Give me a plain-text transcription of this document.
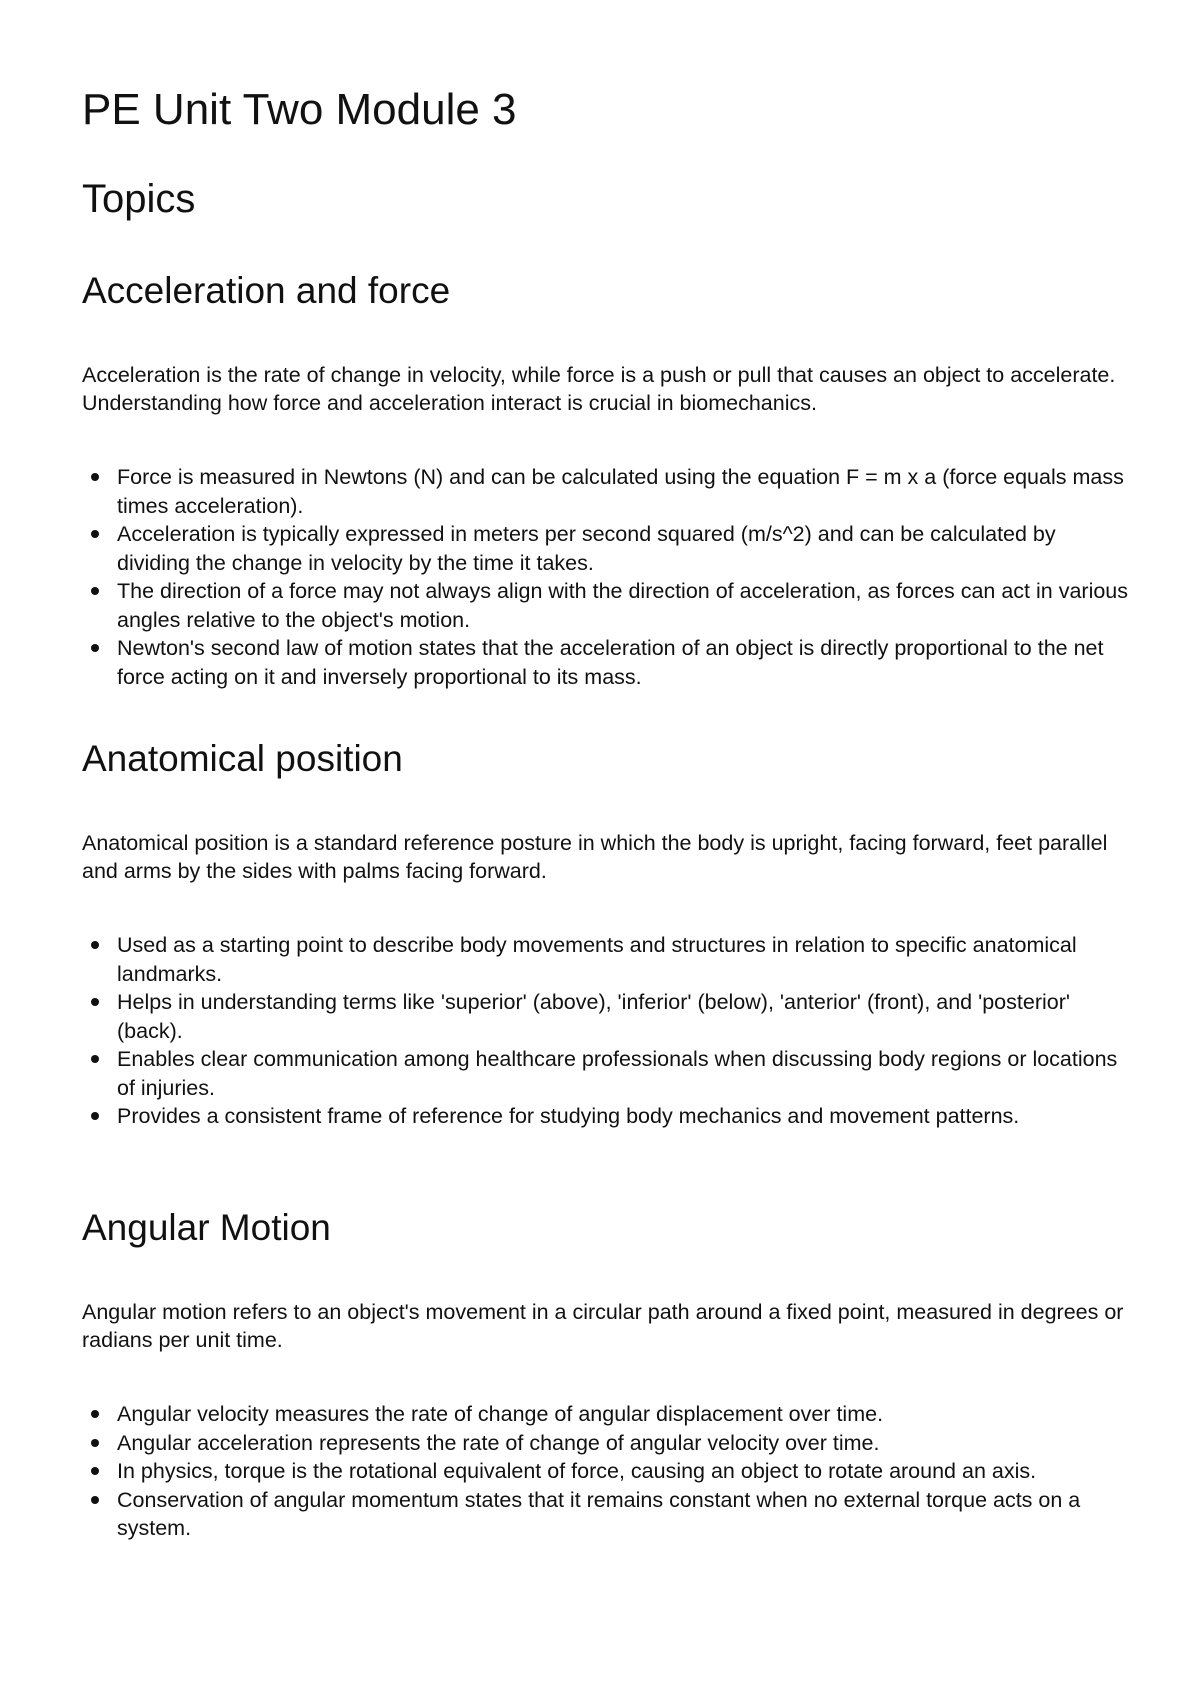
PE Unit Two Module 3
Topics
Acceleration and force

Acceleration is the rate of change in velocity, while force is a push or pull that causes an object to accelerate. Understanding how force and acceleration interact is crucial in biomechanics.

Force is measured in Newtons (N) and can be calculated using the equation F = m x a (force equals mass times acceleration).
Acceleration is typically expressed in meters per second squared (m/s^2) and can be calculated by dividing the change in velocity by the time it takes.
The direction of a force may not always align with the direction of acceleration, as forces can act in various angles relative to the object's motion.
Newton's second law of motion states that the acceleration of an object is directly proportional to the net force acting on it and inversely proportional to its mass.
Anatomical position

Anatomical position is a standard reference posture in which the body is upright, facing forward, feet parallel and arms by the sides with palms facing forward.

Used as a starting point to describe body movements and structures in relation to specific anatomical landmarks.
Helps in understanding terms like 'superior' (above), 'inferior' (below), 'anterior' (front), and 'posterior' (back).
Enables clear communication among healthcare professionals when discussing body regions or locations of injuries.
Provides a consistent frame of reference for studying body mechanics and movement patterns.
Angular Motion

Angular motion refers to an object's movement in a circular path around a fixed point, measured in degrees or radians per unit time.

Angular velocity measures the rate of change of angular displacement over time.
Angular acceleration represents the rate of change of angular velocity over time.
In physics, torque is the rotational equivalent of force, causing an object to rotate around an axis.
Conservation of angular momentum states that it remains constant when no external torque acts on a system.
